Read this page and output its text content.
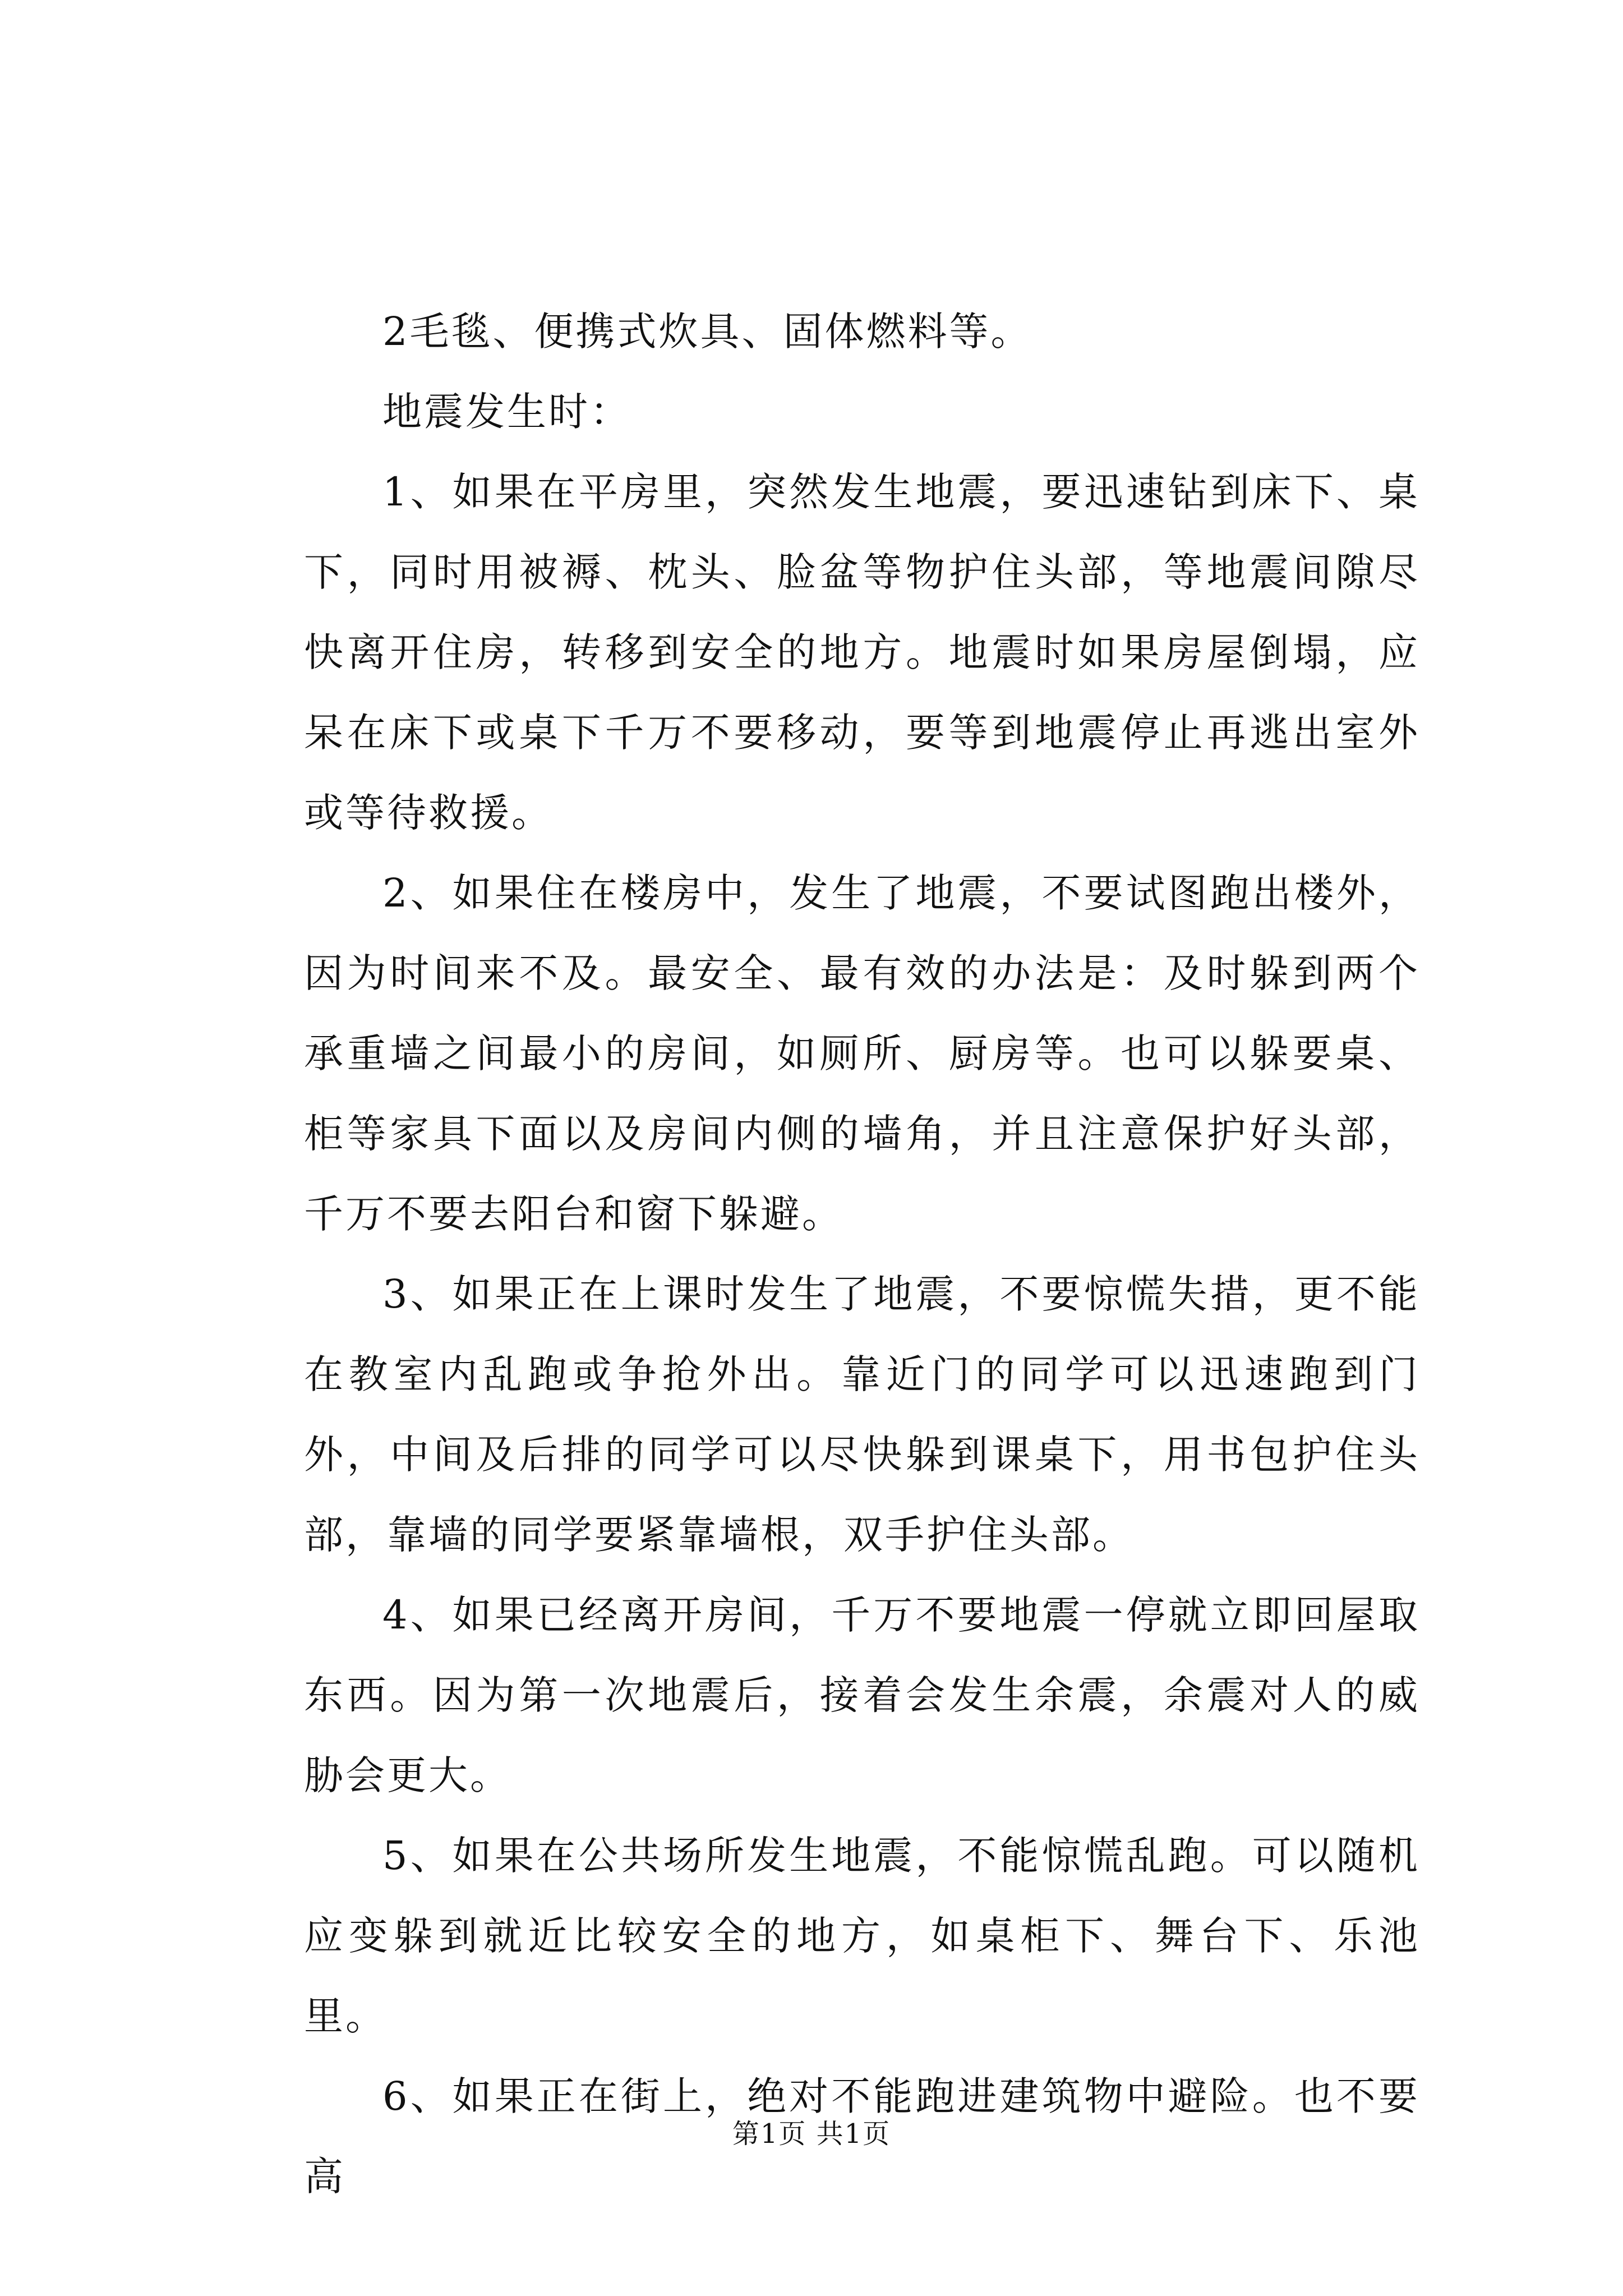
2毛毯、便携式炊具、固体燃料等。

地震发生时：

1、如果在平房里，突然发生地震，要迅速钻到床下、桌下，同时用被褥、枕头、脸盆等物护住头部，等地震间隙尽快离开住房，转移到安全的地方。地震时如果房屋倒塌，应呆在床下或桌下千万不要移动，要等到地震停止再逃出室外或等待救援。

2、如果住在楼房中，发生了地震，不要试图跑出楼外，因为时间来不及。最安全、最有效的办法是：及时躲到两个承重墙之间最小的房间，如厕所、厨房等。也可以躲要桌、柜等家具下面以及房间内侧的墙角，并且注意保护好头部，千万不要去阳台和窗下躲避。

3、如果正在上课时发生了地震，不要惊慌失措，更不能在教室内乱跑或争抢外出。靠近门的同学可以迅速跑到门外，中间及后排的同学可以尽快躲到课桌下，用书包护住头部，靠墙的同学要紧靠墙根，双手护住头部。

4、如果已经离开房间，千万不要地震一停就立即回屋取东西。因为第一次地震后，接着会发生余震，余震对人的威胁会更大。

5、如果在公共场所发生地震，不能惊慌乱跑。可以随机应变躲到就近比较安全的地方，如桌柜下、舞台下、乐池里。

6、如果正在街上，绝对不能跑进建筑物中避险。也不要高

第1页 共1页
